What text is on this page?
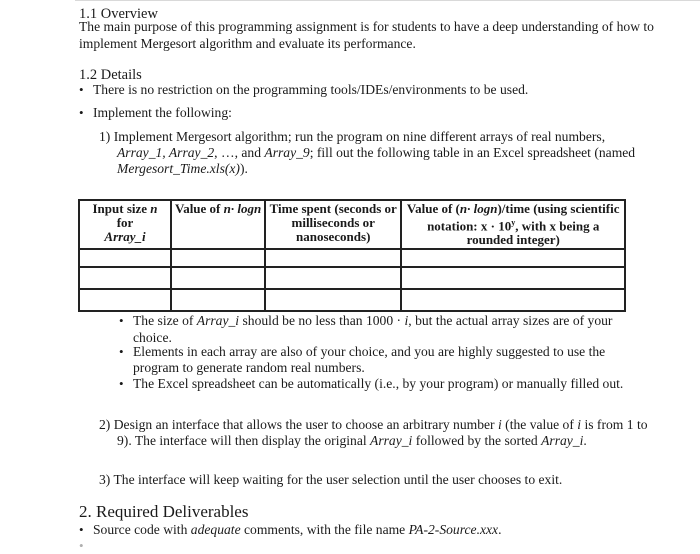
1.1 Overview
The main purpose of this programming assignment is for students to have a deep understanding of how to
implement Mergesort algorithm and evaluate its performance.
1.2 Details
• There is no restriction on the programming tools/IDEs/environments to be used.
• Implement the following:
1) Implement Mergesort algorithm; run the program on nine different arrays of real numbers,
Array_1, Array_2, …, and Array_9; fill out the following table in an Excel spreadsheet (named
Mergesort_Time.xls(x)).
Input size n for
Array_i	Value of n· logn	Time spent (seconds or milliseconds or nanoseconds)	Value of (n· logn)/time (using scientific notation: $x \cdot 10^y$, with x being a rounded integer)

• The size of Array_i should be no less than 1000 · i, but the actual array sizes are of your
choice.
• Elements in each array are also of your choice, and you are highly suggested to use the
program to generate random real numbers.
• The Excel spreadsheet can be automatically (i.e., by your program) or manually filled out.
2) Design an interface that allows the user to choose an arbitrary number i (the value of i is from 1 to
9). The interface will then display the original Array_i followed by the sorted Array_i.
3) The interface will keep waiting for the user selection until the user chooses to exit.
2. Required Deliverables
• Source code with adequate comments, with the file name PA-2-Source.xxx.
•
